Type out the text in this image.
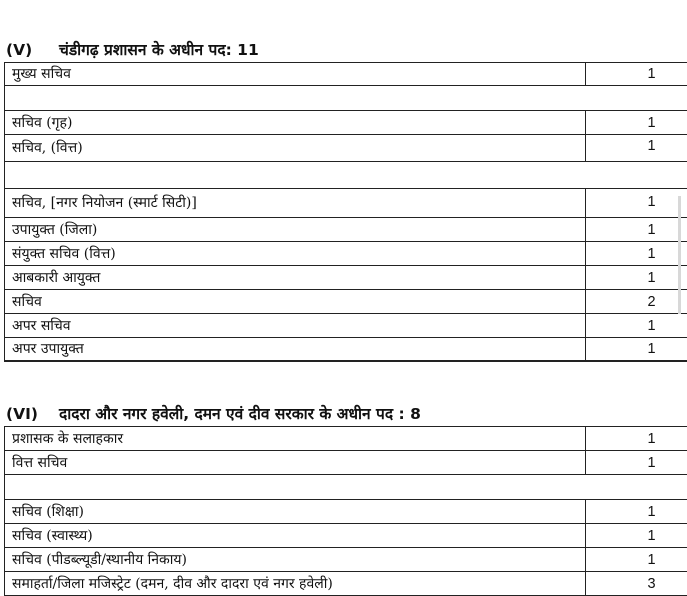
(V) चंडीगढ़ प्रशासन के अधीन पद: 11
मुख्य सचिव	1
सचिव (गृह)	1
सचिव, (वित्त)	1
सचिव, [नगर नियोजन (स्मार्ट सिटी)]	1
उपायुक्त (जिला)	1
संयुक्त सचिव (वित्त)	1
आबकारी आयुक्त	1
सचिव	2
अपर सचिव	1
अपर उपायुक्त	1
(VI) दादरा और नगर हवेली, दमन एवं दीव सरकार के अधीन पद : 8
प्रशासक के सलाहकार	1
वित्त सचिव	1
सचिव (शिक्षा)	1
सचिव (स्वास्थ्य)	1
सचिव (पीडब्ल्यूडी/स्थानीय निकाय)	1
समाहर्ता/जिला मजिस्ट्रेट (दमन, दीव और दादरा एवं नगर हवेली)	3
